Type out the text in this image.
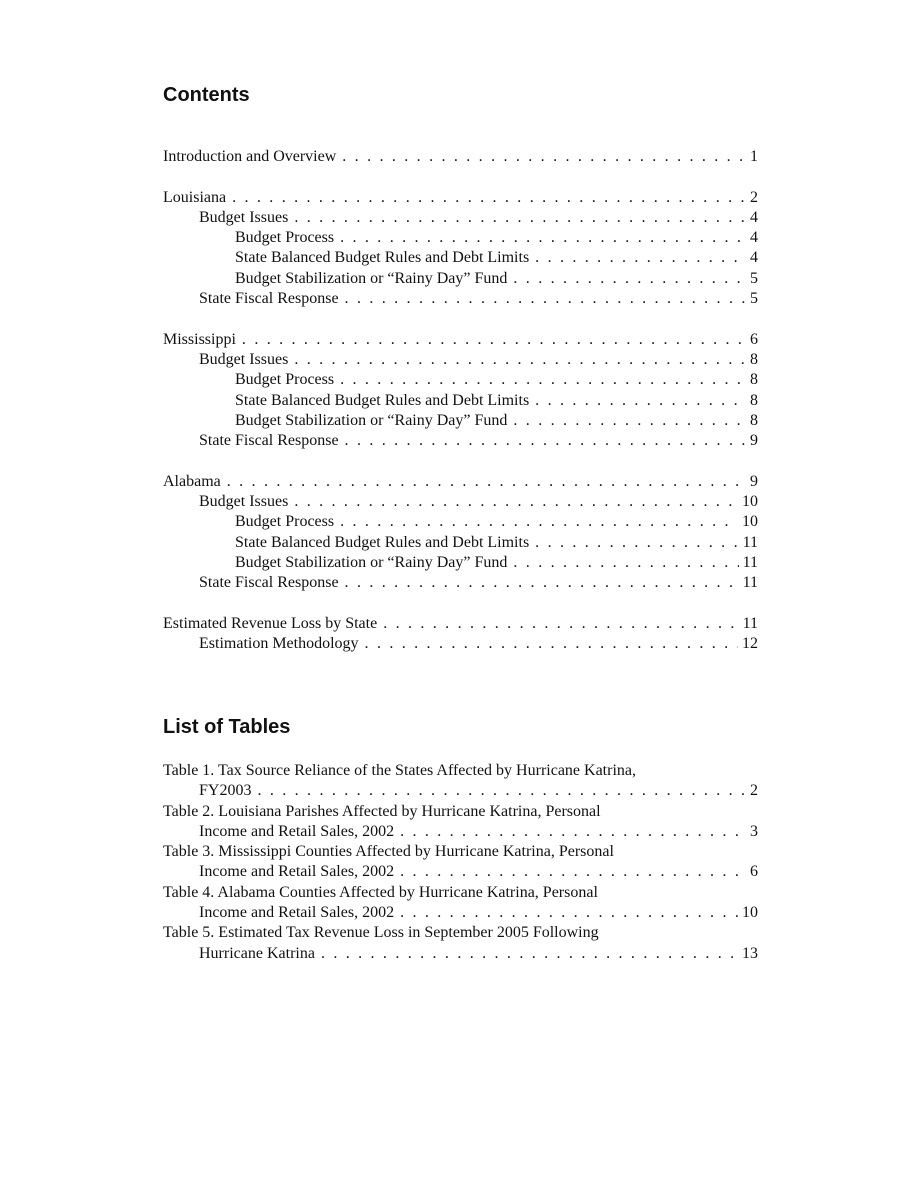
Contents
Introduction and Overview . . .	1
Louisiana . . .	2
Budget Issues . . .	4
Budget Process . . .	4
State Balanced Budget Rules and Debt Limits . . .	4
Budget Stabilization or “Rainy Day” Fund . . .	5
State Fiscal Response . . .	5
Mississippi . . .	6
Budget Issues . . .	8
Budget Process . . .	8
State Balanced Budget Rules and Debt Limits . . .	8
Budget Stabilization or “Rainy Day” Fund . . .	8
State Fiscal Response . . .	9
Alabama . . .	9
Budget Issues . . .	10
Budget Process . . .	10
State Balanced Budget Rules and Debt Limits . . .	11
Budget Stabilization or “Rainy Day” Fund . . .	11
State Fiscal Response . . .	11
Estimated Revenue Loss by State . . .	11
Estimation Methodology . . .	12
List of Tables
Table 1. Tax Source Reliance of the States Affected by Hurricane Katrina,
FY2003 . . .	2
Table 2. Louisiana Parishes Affected by Hurricane Katrina, Personal
Income and Retail Sales, 2002 . . .	3
Table 3. Mississippi Counties Affected by Hurricane Katrina, Personal
Income and Retail Sales, 2002 . . .	6
Table 4. Alabama Counties Affected by Hurricane Katrina, Personal
Income and Retail Sales, 2002 . . .	10
Table 5. Estimated Tax Revenue Loss in September 2005 Following
Hurricane Katrina . . .	13
